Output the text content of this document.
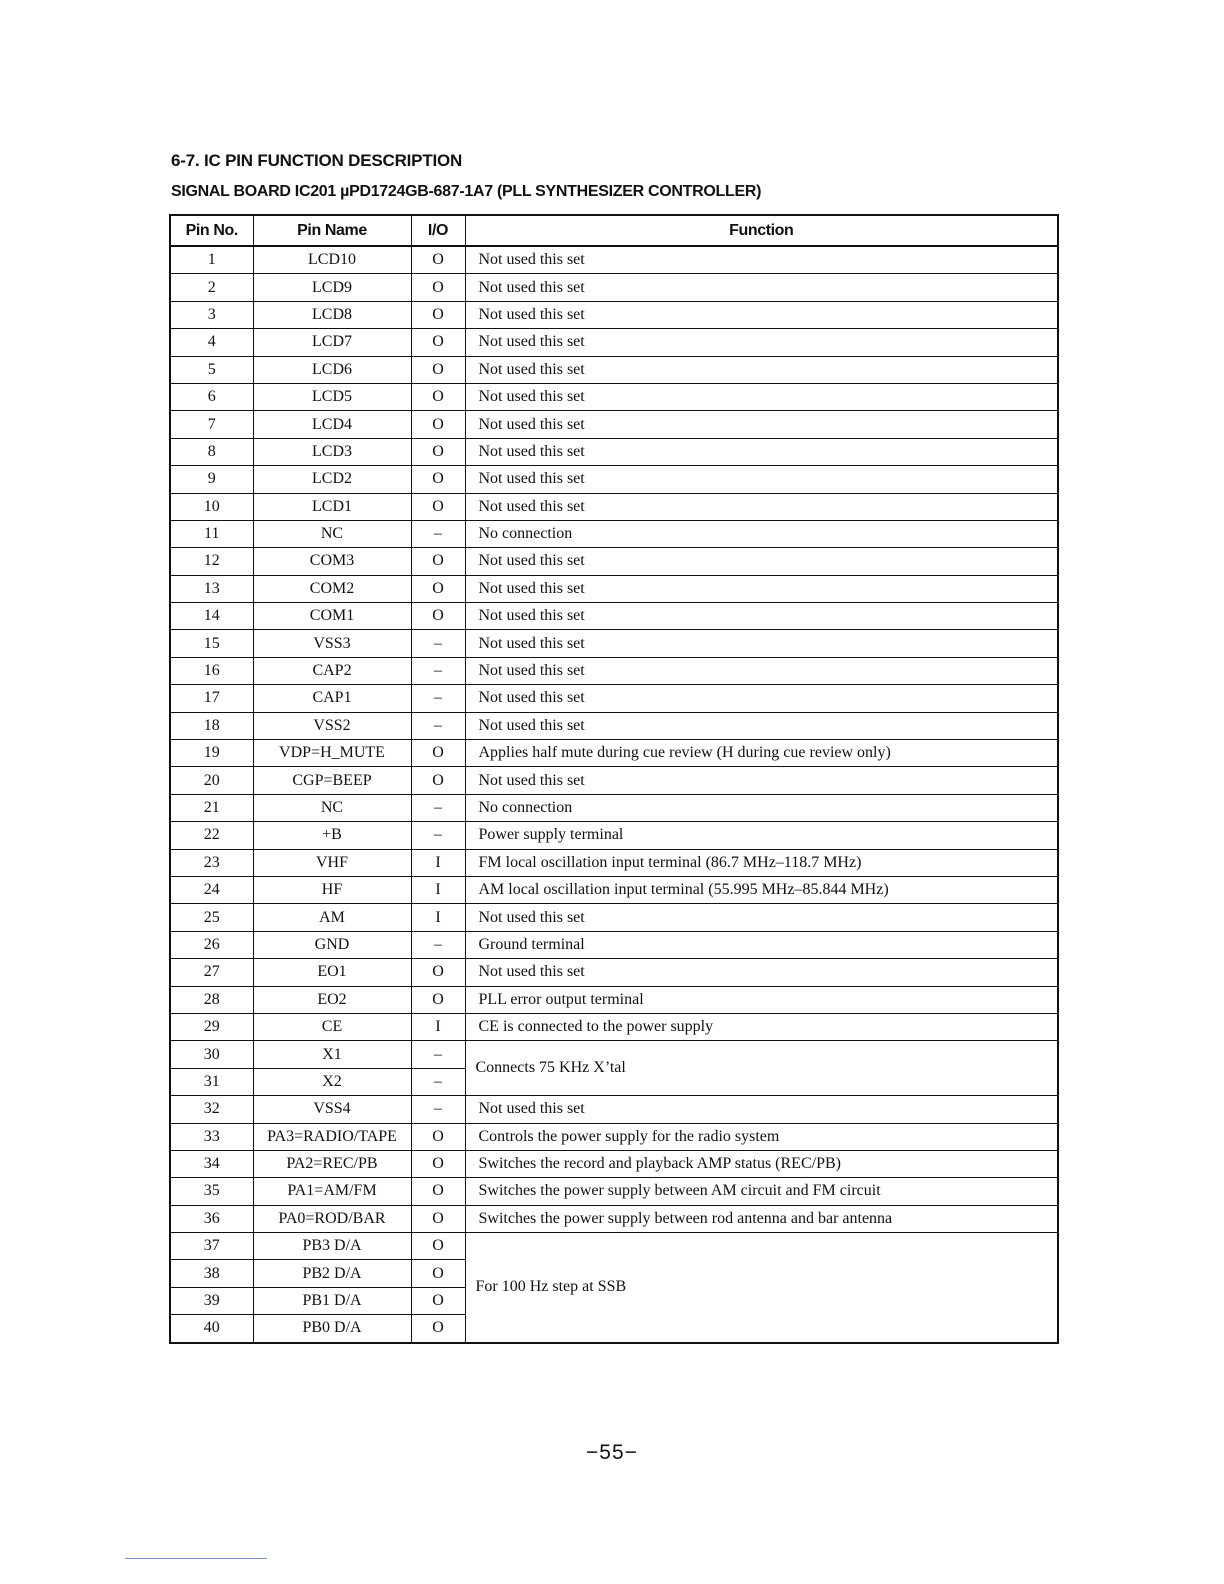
6-7. IC PIN FUNCTION DESCRIPTION
SIGNAL BOARD IC201 µPD1724GB-687-1A7 (PLL SYNTHESIZER CONTROLLER)
Pin No.	Pin Name	I/O	Function
1	LCD10	O	Not used this set
2	LCD9	O	Not used this set
3	LCD8	O	Not used this set
4	LCD7	O	Not used this set
5	LCD6	O	Not used this set
6	LCD5	O	Not used this set
7	LCD4	O	Not used this set
8	LCD3	O	Not used this set
9	LCD2	O	Not used this set
10	LCD1	O	Not used this set
11	NC	–	No connection
12	COM3	O	Not used this set
13	COM2	O	Not used this set
14	COM1	O	Not used this set
15	VSS3	–	Not used this set
16	CAP2	–	Not used this set
17	CAP1	–	Not used this set
18	VSS2	–	Not used this set
19	VDP=H_MUTE	O	Applies half mute during cue review (H during cue review only)
20	CGP=BEEP	O	Not used this set
21	NC	–	No connection
22	+B	–	Power supply terminal
23	VHF	I	FM local oscillation input terminal (86.7 MHz–118.7 MHz)
24	HF	I	AM local oscillation input terminal (55.995 MHz–85.844 MHz)
25	AM	I	Not used this set
26	GND	–	Ground terminal
27	EO1	O	Not used this set
28	EO2	O	PLL error output terminal
29	CE	I	CE is connected to the power supply
30	X1	–	Connects 75 KHz X’tal
31	X2	–	
32	VSS4	–	Not used this set
33	PA3=RADIO/TAPE	O	Controls the power supply for the radio system
34	PA2=REC/PB	O	Switches the record and playback AMP status (REC/PB)
35	PA1=AM/FM	O	Switches the power supply between AM circuit and FM circuit
36	PA0=ROD/BAR	O	Switches the power supply between rod antenna and bar antenna
37	PB3 D/A	O	For 100 Hz step at SSB
38	PB2 D/A	O	
39	PB1 D/A	O	
40	PB0 D/A	O	
−55−
